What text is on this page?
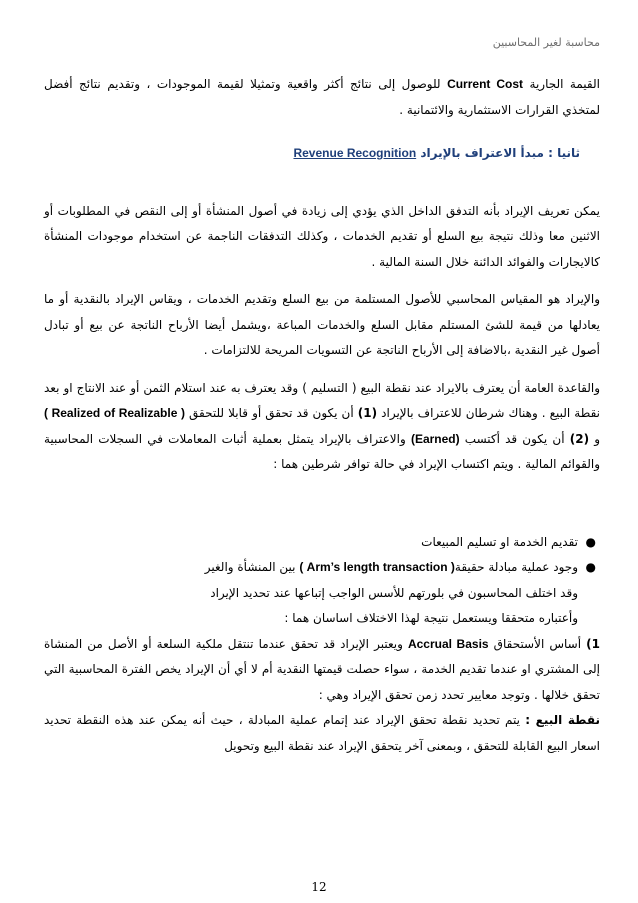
محاسبة لغير المحاسبين

القيمة الجارية Current Cost للوصول إلى نتائج أكثر واقعية وتمثيلا لقيمة الموجودات ، وتقديم نتائج أفضل لمتخذي القرارات الاستثمارية والائتمانية .

ثانيا : مبدأ الاعتراف بالإيراد Revenue Recognition

يمكن تعريف الإيراد بأنه التدفق الداخل الذي يؤدي إلى زيادة في أصول المنشأة أو إلى النقص في المطلوبات أو الاثنين معا وذلك نتيجة بيع السلع أو تقديم الخدمات ، وكذلك التدفقات الناجمة عن استخدام موجودات المنشأة كالايجارات والفوائد الدائنة خلال السنة المالية .

والإيراد هو المقياس المحاسبي للأصول المستلمة من بيع السلع وتقديم الخدمات ، ويقاس الإيراد بالنقدية أو ما يعادلها من قيمة للشئ المستلم مقابل السلع والخدمات المباعة ،ويشمل أيضا الأرباح الناتجة عن بيع أو تبادل أصول غير النقدية ،بالاضافة إلى الأرباح الناتجة عن التسويات المريحة للالتزامات .

والقاعدة العامة أن يعترف بالايراد عند نقطة البيع ( التسليم ) وقد يعترف به عند استلام الثمن أو عند الانتاج او بعد نقطة البيع . وهناك شرطان للاعتراف بالإيراد (1) أن يكون قد تحقق أو قابلا للتحقق ( Realized of Realizable ) و (2) أن يكون قد أكتسب (Earned) والاعتراف بالإيراد يتمثل بعملية أثبات المعاملات في السجلات المحاسبية والقوائم المالية . ويتم اكتساب الإيراد في حالة توافر شرطين هما :

●
تقديم الخدمة او تسليم المبيعات
●
وجود عملية مبادلة حقيقة( Arm’s length transaction ) بين المنشأة والغير

وقد اختلف المحاسبون في بلورتهم للأسس الواجب إتباعها عند تحديد الإيراد

وأعتباره متحققا ويستعمل نتيجة لهذا الاختلاف اساسان هما :

1) أساس الأستحقاق Accrual Basis ويعتبر الإيراد قد تحقق عندما تنتقل ملكية السلعة أو الأصل من المنشاة إلى المشتري او عندما تقديم الخدمة ، سواء حصلت قيمتها النقدية أم لا أي أن الإيراد يخص الفترة المحاسبية التي تحقق خلالها . وتوجد معايير تحدد زمن تحقق الإيراد وهي :

نقطة البيع : يتم تحديد نقطة تحقق الإيراد عند إتمام عملية المبادلة ، حيث أنه يمكن عند هذه النقطة تحديد اسعار البيع القابلة للتحقق ، وبمعنى آخر يتحقق الإيراد عند نقطة البيع وتحويل

12
